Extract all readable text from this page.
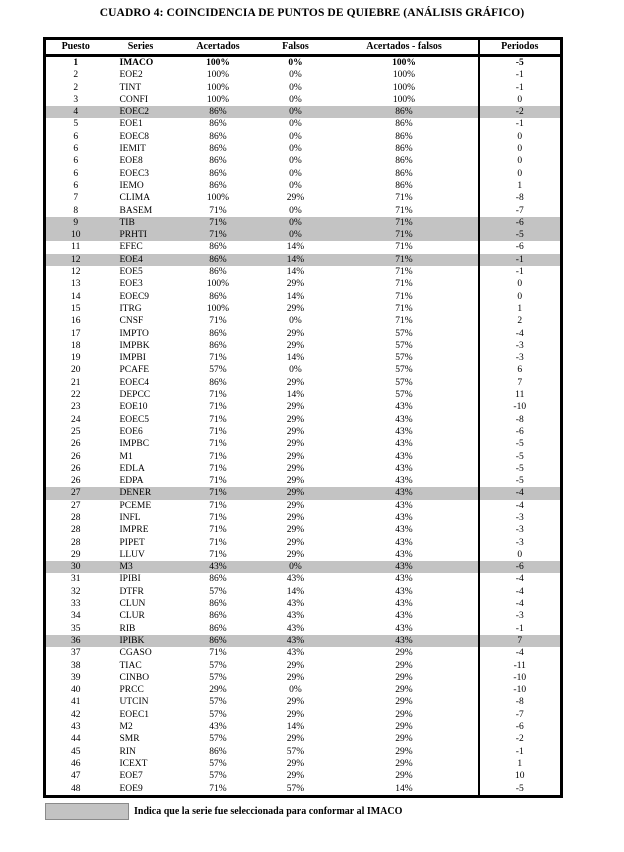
CUADRO 4: COINCIDENCIA DE PUNTOS DE QUIEBRE (ANÁLISIS GRÁFICO)
Puesto	Series	Acertados	Falsos	Acertados - falsos	Periodos
1	IMACO	100%	0%	100%	-5
2	EOE2	100%	0%	100%	-1
2	TINT	100%	0%	100%	-1
3	CONFI	100%	0%	100%	0
4	EOEC2	86%	0%	86%	-2
5	EOE1	86%	0%	86%	-1
6	EOEC8	86%	0%	86%	0
6	IEMIT	86%	0%	86%	0
6	EOE8	86%	0%	86%	0
6	EOEC3	86%	0%	86%	0
6	IEMO	86%	0%	86%	1
7	CLIMA	100%	29%	71%	-8
8	BASEM	71%	0%	71%	-7
9	TIB	71%	0%	71%	-6
10	PRHTI	71%	0%	71%	-5
11	EFEC	86%	14%	71%	-6
12	EOE4	86%	14%	71%	-1
12	EOE5	86%	14%	71%	-1
13	EOE3	100%	29%	71%	0
14	EOEC9	86%	14%	71%	0
15	ITRG	100%	29%	71%	1
16	CNSF	71%	0%	71%	2
17	IMPTO	86%	29%	57%	-4
18	IMPBK	86%	29%	57%	-3
19	IMPBI	71%	14%	57%	-3
20	PCAFE	57%	0%	57%	6
21	EOEC4	86%	29%	57%	7
22	DEPCC	71%	14%	57%	11
23	EOE10	71%	29%	43%	-10
24	EOEC5	71%	29%	43%	-8
25	EOE6	71%	29%	43%	-6
26	IMPBC	71%	29%	43%	-5
26	M1	71%	29%	43%	-5
26	EDLA	71%	29%	43%	-5
26	EDPA	71%	29%	43%	-5
27	DENER	71%	29%	43%	-4
27	PCEME	71%	29%	43%	-4
28	INFL	71%	29%	43%	-3
28	IMPRE	71%	29%	43%	-3
28	PIPET	71%	29%	43%	-3
29	LLUV	71%	29%	43%	0
30	M3	43%	0%	43%	-6
31	IPIBI	86%	43%	43%	-4
32	DTFR	57%	14%	43%	-4
33	CLUN	86%	43%	43%	-4
34	CLUR	86%	43%	43%	-3
35	RIB	86%	43%	43%	-1
36	IPIBK	86%	43%	43%	7
37	CGASO	71%	43%	29%	-4
38	TIAC	57%	29%	29%	-11
39	CINBO	57%	29%	29%	-10
40	PRCC	29%	0%	29%	-10
41	UTCIN	57%	29%	29%	-8
42	EOEC1	57%	29%	29%	-7
43	M2	43%	14%	29%	-6
44	SMR	57%	29%	29%	-2
45	RIN	86%	57%	29%	-1
46	ICEXT	57%	29%	29%	1
47	EOE7	57%	29%	29%	10
48	EOE9	71%	57%	14%	-5
Indica que la serie fue seleccionada para conformar al IMACO
